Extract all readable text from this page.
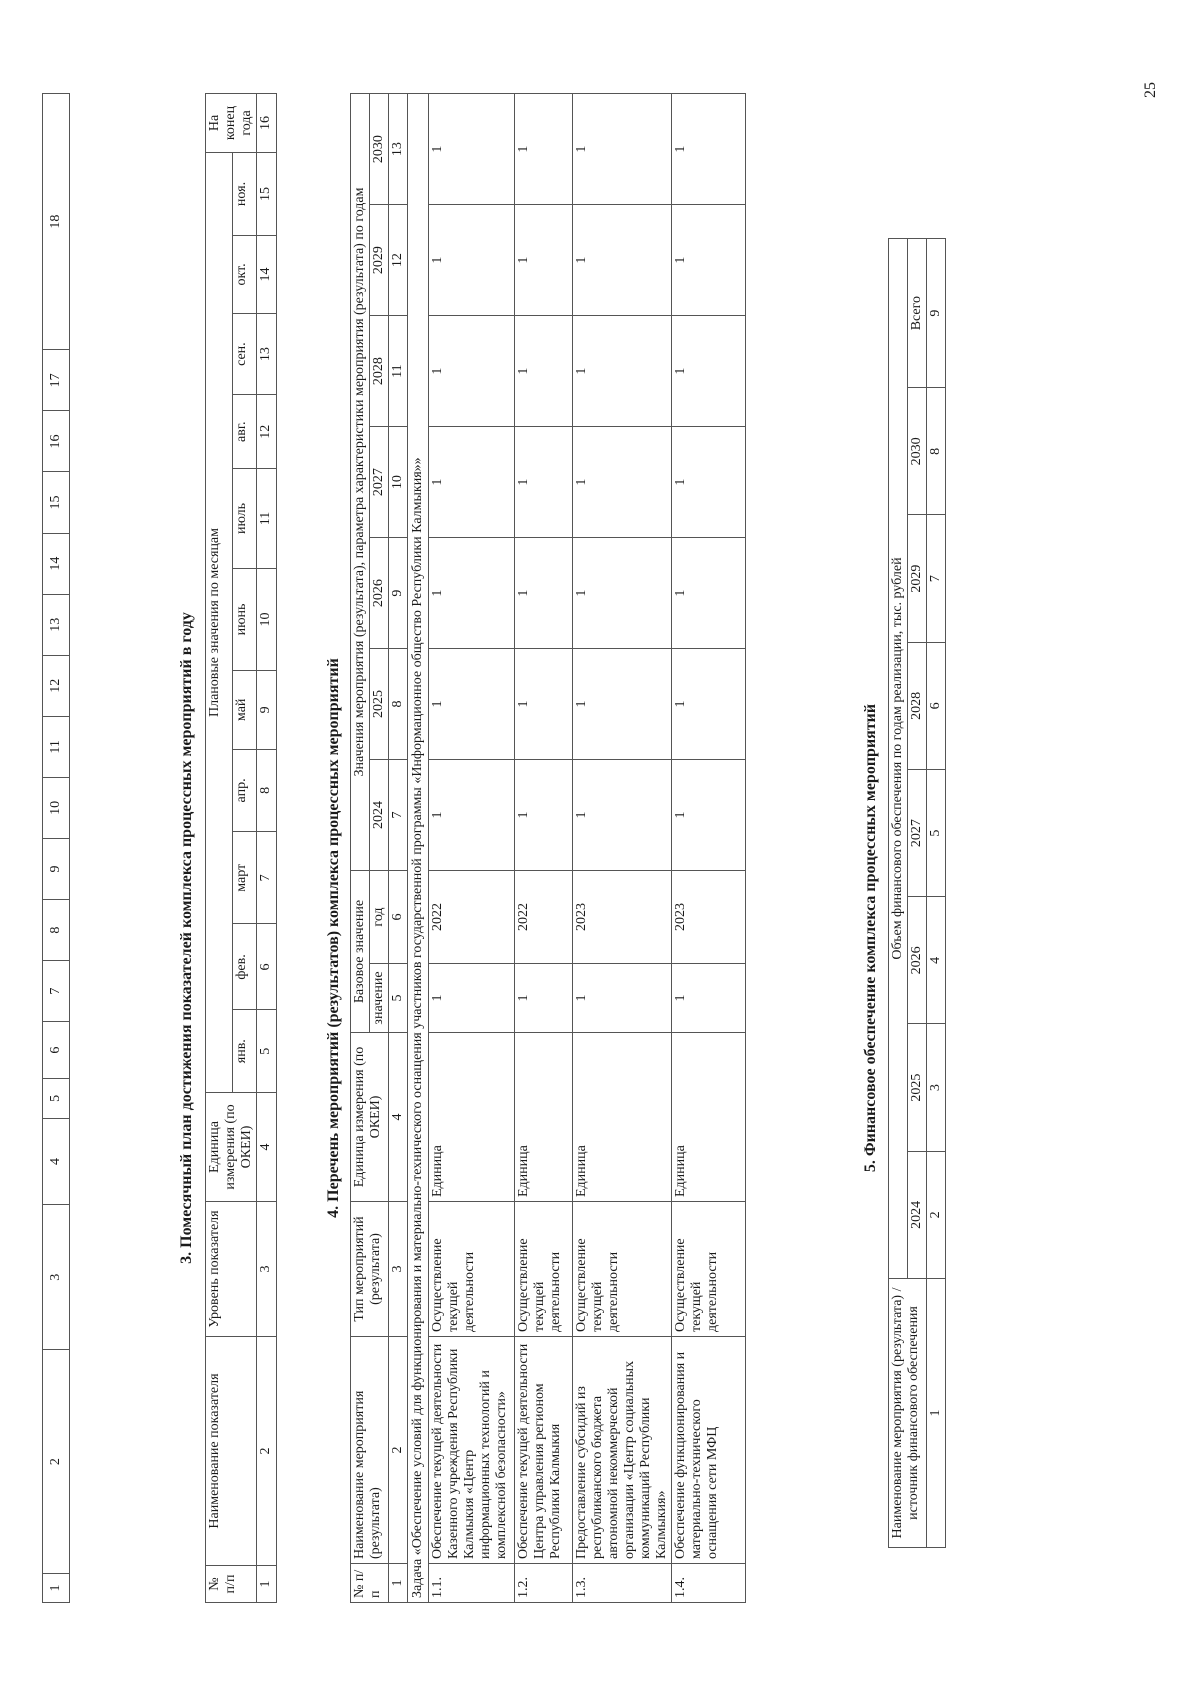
1	2	3	4	5	6	7	8	9	10	11	12	13	14	15	16	17	18
3. Помесячный план достижения показателей комплекса процессных мероприятий в году
№ п/п	Наименование показателя	Уровень показателя	Единица измерения (по ОКЕИ)	Плановые значения по месяцам											На конец года
				янв.	фев.	март	апр.	май	июнь	июль	авг.	сен.	окт.	ноя.	
1	2	3	4	5	6	7	8	9	10	11	12	13	14	15	16
4. Перечень мероприятий (результатов) комплекса процессных мероприятий
№ п/п	Наименование мероприятия (результата)	Тип мероприятий (результата)	Единица измерения (по ОКЕИ)	Базовое значение		Значения мероприятия (результата), параметра характеристики мероприятия (результата) по годам						
				значение	год	2024	2025	2026	2027	2028	2029	2030
1	2	3	4	5	6	7	8	9	10	11	12	13
Задача «Обеспечение условий для функционирования и материально-технического оснащения участников государственной программы «Информационное общество Республики Калмыкия»»												
1.1.	Обеспечение текущей деятельности Казенного учреждения Республики Калмыкия «Центр информационных технологий и комплексной безопасности»	Осуществление текущей деятельности	Единица	1	2022	1	1	1	1	1	1	1
1.2.	Обеспечение текущей деятельности Центра управления регионом Республики Калмыкия	Осуществление текущей деятельности	Единица	1	2022	1	1	1	1	1	1	1
1.3.	Предоставление субсидий из республиканского бюджета автономной некоммерческой организации «Центр социальных коммуникаций Республики Калмыкия»	Осуществление текущей деятельности	Единица	1	2023	1	1	1	1	1	1	1
1.4.	Обеспечение функционирования и материально-технического оснащения сети МФЦ	Осуществление текущей деятельности	Единица	1	2023	1	1	1	1	1	1	1
5. Финансовое обеспечение комплекса процессных мероприятий
Наименование мероприятия (результата) / источник финансового обеспечения	Объем финансового обеспечения по годам реализации, тыс. рублей							
	2024	2025	2026	2027	2028	2029	2030	Всего
1	2	3	4	5	6	7	8	9
25
